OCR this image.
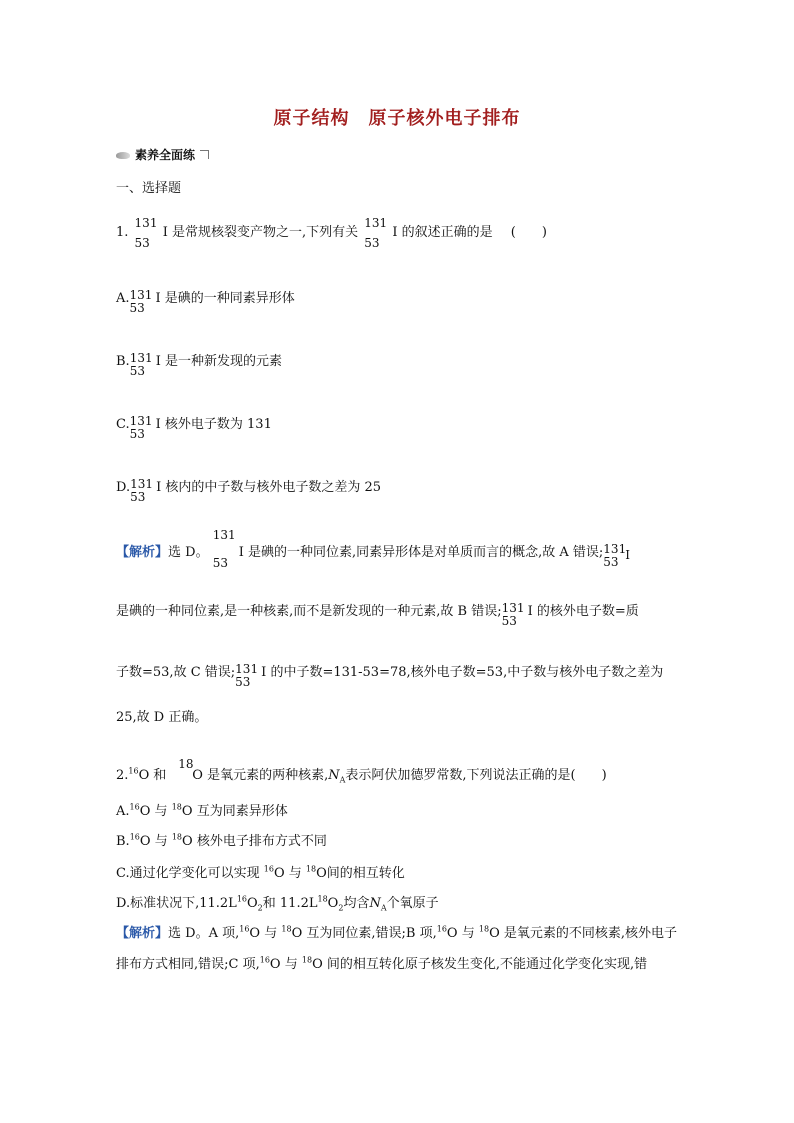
原子结构　原子核外电子排布
素养全面练
一、选择题
1.
131
53
I 是常规核裂变产物之一,下列有关
131
53
I 的叙述正确的是 (　　)
A. 131
53
I 是碘的一种同素异形体
B. 131
53
I 是一种新发现的元素
C. 131
53
I 核外电子数为 131
D. 131
53
I 核内的中子数与核外电子数之差为 25
【解析】选 D。
131
53
I 是碘的一种同位素,同素异形体是对单质而言的概念,故 A 错误; 131
53 I
是碘的一种同位素,是一种核素,而不是新发现的一种元素,故 B 错误; 131
53
I 的核外电子数=质
子数=53,故 C 错误; 131
53
I 的中子数=131-53=78,核外电子数=53,中子数与核外电子数之差为
25,故 D 正确。
2.16O 和
18
O 是氧元素的两种核素$,N_A$表示阿伏加德罗常数,下列说法正确的是(　　)
A.$^{16}$O 与 $^{18}$O 互为同素异形体
B.$^{16}$O 与 $^{18}$O 核外电子排布方式不同
C.通过化学变化可以实现 $^{16}$O 与 $^{18}$O间的相互转化
D.标准状况下$,11.2L^{16}O_2$和 $11.2L^{18}O_2$均含$N_A$个氧原子
【解析】选 D。A 项,$^{16}$O 与 $^{18}$O 互为同位素,错误;B 项,$^{16}$O 与 $^{18}$O 是氧元素的不同核素,核外电子
排布方式相同,错误;C 项,$^{16}$O 与 $^{18}$O 间的相互转化原子核发生变化,不能通过化学变化实现,错
